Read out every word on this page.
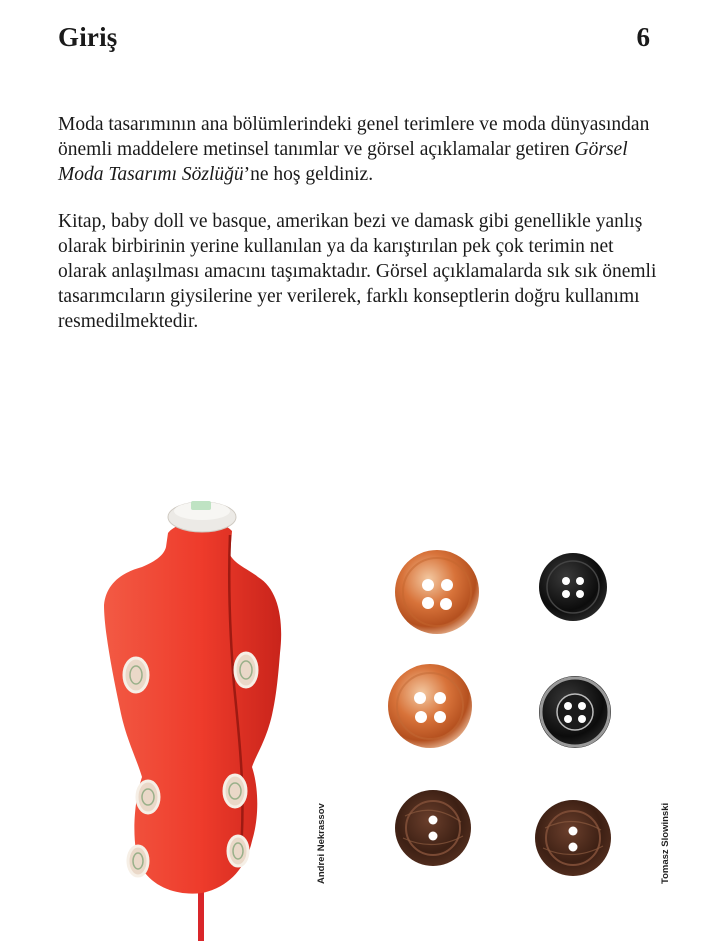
Giriş	6

Moda tasarımının ana bölümlerindeki genel terimlere ve moda dünyasından önemli maddelere metinsel tanımlar ve görsel açıklamalar getiren Görsel Moda Tasarımı Sözlüğü’ne hoş geldiniz.

Kitap, baby doll ve basque, amerikan bezi ve damask gibi genellikle yanlış olarak birbirinin yerine kullanılan ya da karıştırılan pek çok terimin net olarak anlaşılması amacını taşımaktadır. Görsel açıklamalarda sık sık önemli tasarımcıların giysilerine yer verilerek, farklı konseptlerin doğru kullanımı resmedilmektedir.

Andrei Nekrassov	Tomasz Slowinski
